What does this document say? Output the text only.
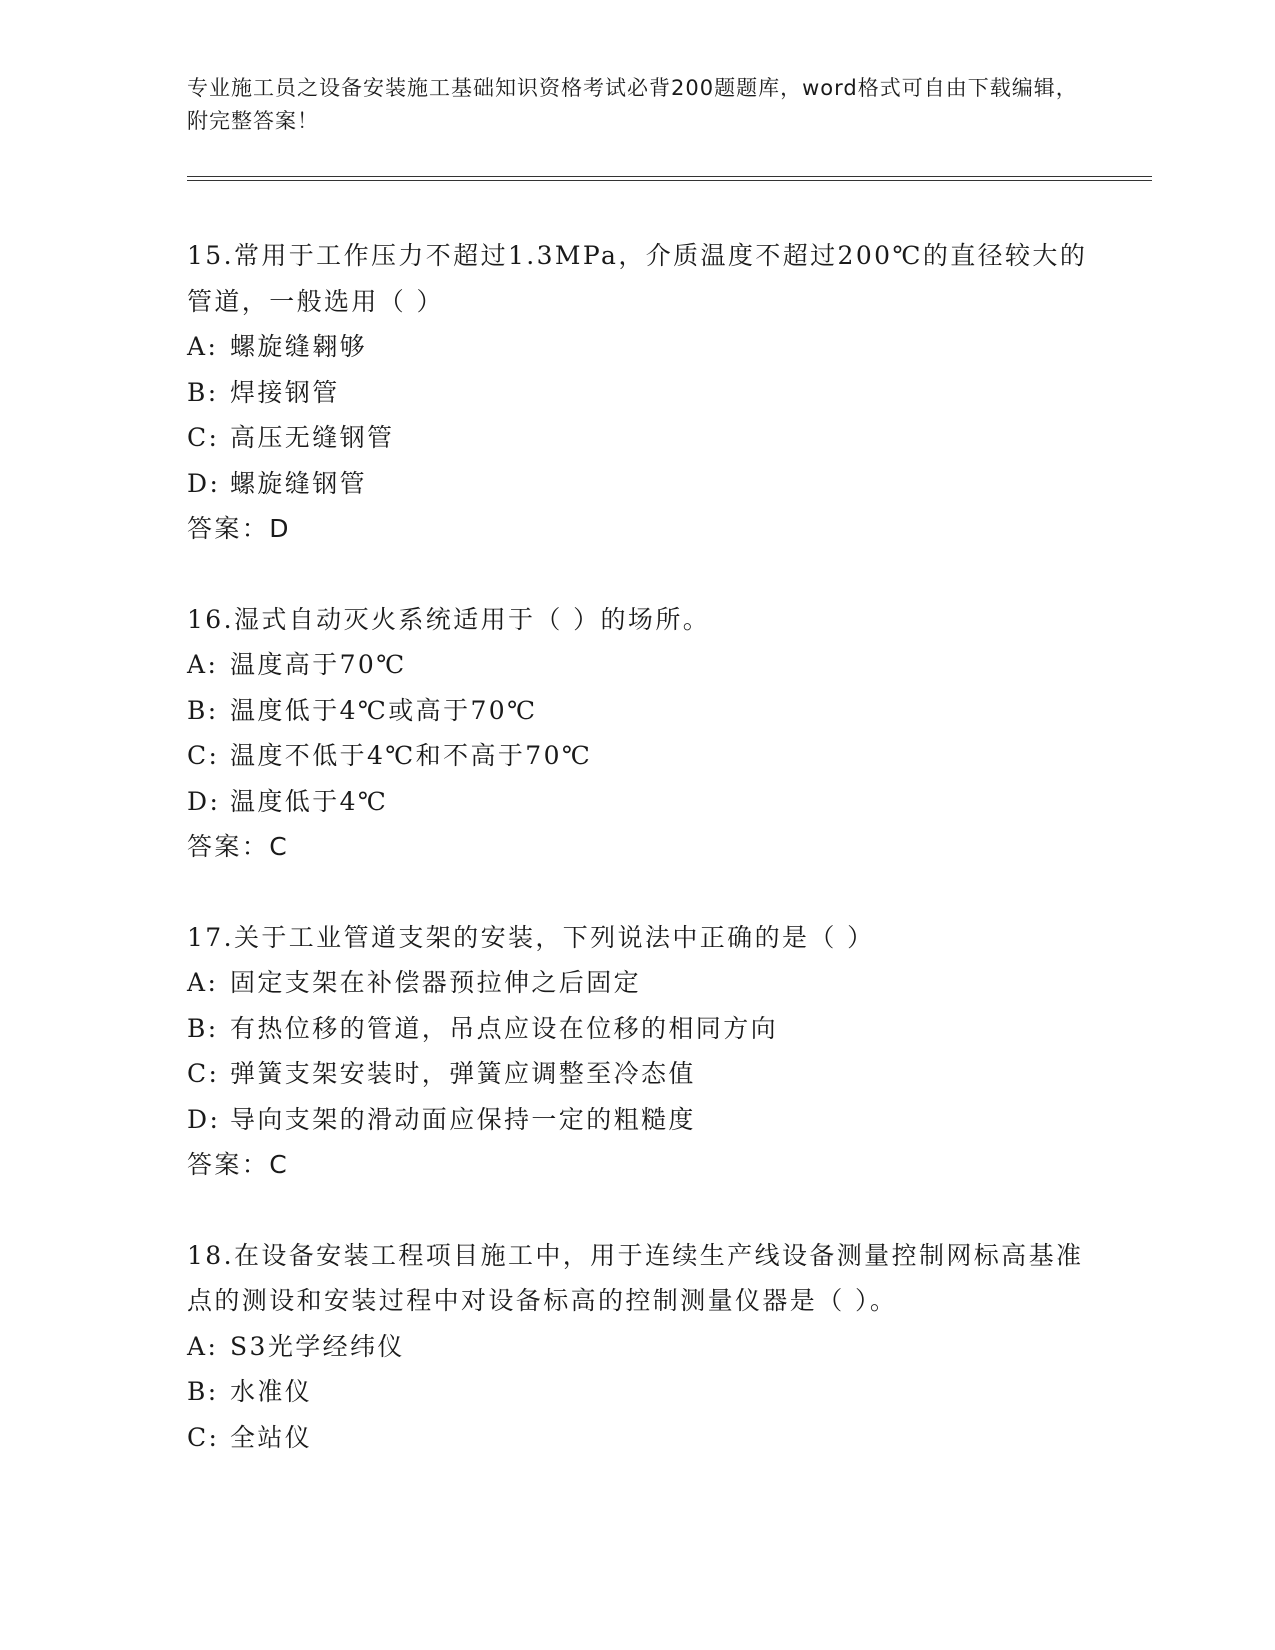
专业施工员之设备安装施工基础知识资格考试必背200题题库，word格式可自由下载编辑，附完整答案！
15.常用于工作压力不超过1.3MPa，介质温度不超过200℃的直径较大的管道，一般选用（ ）
A: 螺旋缝翱够
B: 焊接钢管
C: 高压无缝钢管
D: 螺旋缝钢管
答案：D
16.湿式自动灭火系统适用于（ ）的场所。
A: 温度高于70℃
B: 温度低于4℃或高于70℃
C: 温度不低于4℃和不高于70℃
D: 温度低于4℃
答案：C
17.关于工业管道支架的安装，下列说法中正确的是（ ）
A: 固定支架在补偿器预拉伸之后固定
B: 有热位移的管道，吊点应设在位移的相同方向
C: 弹簧支架安装时，弹簧应调整至冷态值
D: 导向支架的滑动面应保持一定的粗糙度
答案：C
18.在设备安装工程项目施工中，用于连续生产线设备测量控制网标高基准点的测设和安装过程中对设备标高的控制测量仪器是（ ）。
A: S3光学经纬仪
B: 水准仪
C: 全站仪
